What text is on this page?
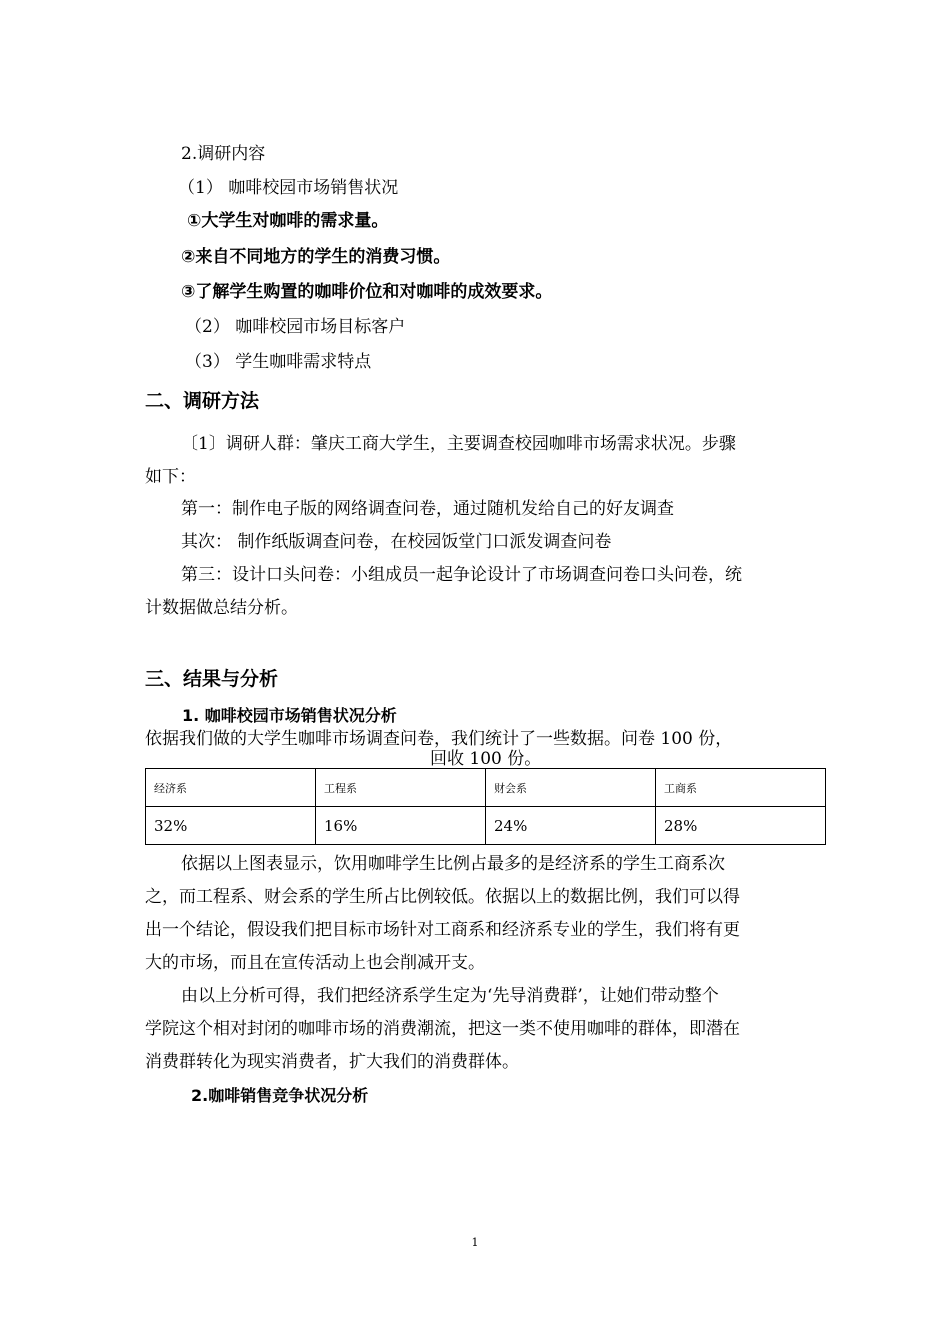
2.调研内容
（1） 咖啡校园市场销售状况
①大学生对咖啡的需求量。
②来自不同地方的学生的消费习惯。
③了解学生购置的咖啡价位和对咖啡的成效要求。
（2） 咖啡校园市场目标客户
（3） 学生咖啡需求特点
二、调研方法
〔1〕调研人群：肇庆工商大学生，主要调查校园咖啡市场需求状况。步骤
如下：
第一：制作电子版的网络调查问卷，通过随机发给自己的好友调查
其次： 制作纸版调查问卷，在校园饭堂门口派发调查问卷
第三：设计口头问卷：小组成员一起争论设计了市场调查问卷口头问卷，统
计数据做总结分析。
三、结果与分析
1. 咖啡校园市场销售状况分析
依据我们做的大学生咖啡市场调查问卷，我们统计了一些数据。问卷 100 份，
回收 100 份。
经济系	工程系	财会系	工商系
32%	16%	24%	28%
依据以上图表显示，饮用咖啡学生比例占最多的是经济系的学生工商系次
之，而工程系、财会系的学生所占比例较低。依据以上的数据比例，我们可以得
出一个结论，假设我们把目标市场针对工商系和经济系专业的学生，我们将有更
大的市场，而且在宣传活动上也会削减开支。
由以上分析可得，我们把经济系学生定为‘先导消费群’，让她们带动整个
学院这个相对封闭的咖啡市场的消费潮流，把这一类不使用咖啡的群体，即潜在
消费群转化为现实消费者，扩大我们的消费群体。
2.咖啡销售竞争状况分析
1
